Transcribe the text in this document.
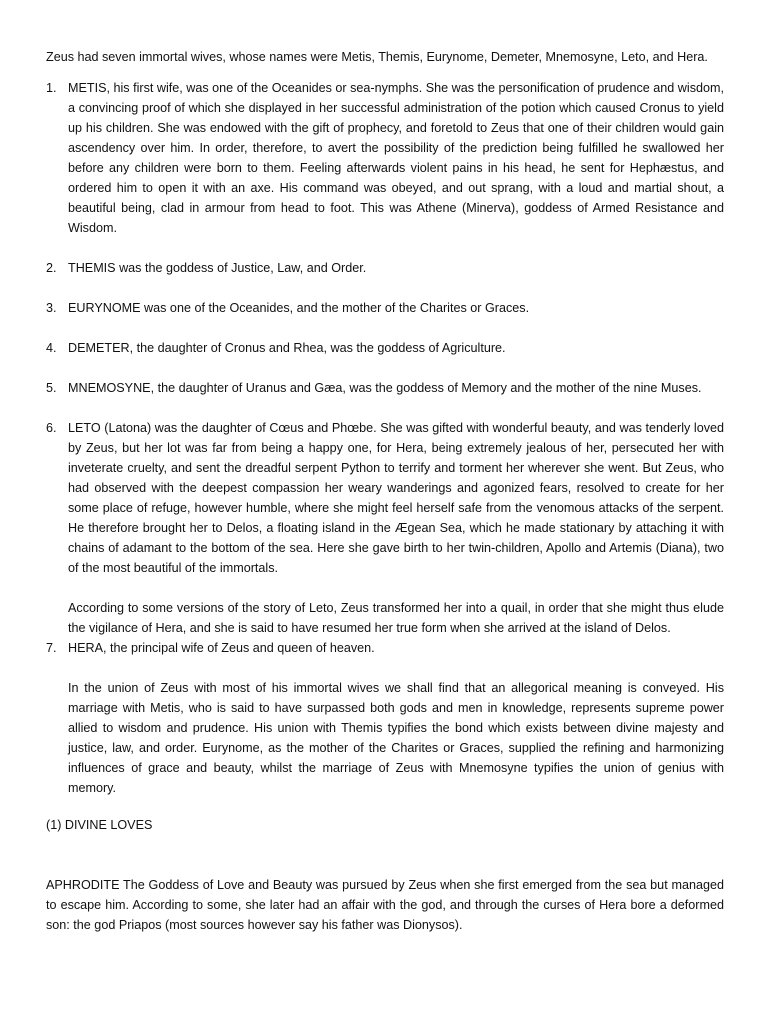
Zeus had seven immortal wives, whose names were Metis, Themis, Eurynome, Demeter, Mnemosyne, Leto, and Hera.
1. METIS, his first wife, was one of the Oceanides or sea-nymphs. She was the personification of prudence and wisdom, a convincing proof of which she displayed in her successful administration of the potion which caused Cronus to yield up his children. She was endowed with the gift of prophecy, and foretold to Zeus that one of their children would gain ascendency over him. In order, therefore, to avert the possibility of the prediction being fulfilled he swallowed her before any children were born to them. Feeling afterwards violent pains in his head, he sent for Hephæstus, and ordered him to open it with an axe. His command was obeyed, and out sprang, with a loud and martial shout, a beautiful being, clad in armour from head to foot. This was Athene (Minerva), goddess of Armed Resistance and Wisdom.
2. THEMIS was the goddess of Justice, Law, and Order.
3. EURYNOME was one of the Oceanides, and the mother of the Charites or Graces.
4. DEMETER, the daughter of Cronus and Rhea, was the goddess of Agriculture.
5. MNEMOSYNE, the daughter of Uranus and Gæa, was the goddess of Memory and the mother of the nine Muses.
6. LETO (Latona) was the daughter of Cœus and Phœbe. She was gifted with wonderful beauty, and was tenderly loved by Zeus, but her lot was far from being a happy one, for Hera, being extremely jealous of her, persecuted her with inveterate cruelty, and sent the dreadful serpent Python to terrify and torment her wherever she went. But Zeus, who had observed with the deepest compassion her weary wanderings and agonized fears, resolved to create for her some place of refuge, however humble, where she might feel herself safe from the venomous attacks of the serpent. He therefore brought her to Delos, a floating island in the Ægean Sea, which he made stationary by attaching it with chains of adamant to the bottom of the sea. Here she gave birth to her twin-children, Apollo and Artemis (Diana), two of the most beautiful of the immortals.
According to some versions of the story of Leto, Zeus transformed her into a quail, in order that she might thus elude the vigilance of Hera, and she is said to have resumed her true form when she arrived at the island of Delos.
7. HERA, the principal wife of Zeus and queen of heaven.
In the union of Zeus with most of his immortal wives we shall find that an allegorical meaning is conveyed. His marriage with Metis, who is said to have surpassed both gods and men in knowledge, represents supreme power allied to wisdom and prudence. His union with Themis typifies the bond which exists between divine majesty and justice, law, and order. Eurynome, as the mother of the Charites or Graces, supplied the refining and harmonizing influences of grace and beauty, whilst the marriage of Zeus with Mnemosyne typifies the union of genius with memory.
(1) DIVINE LOVES
APHRODITE The Goddess of Love and Beauty was pursued by Zeus when she first emerged from the sea but managed to escape him. According to some, she later had an affair with the god, and through the curses of Hera bore a deformed son: the god Priapos (most sources however say his father was Dionysos).
